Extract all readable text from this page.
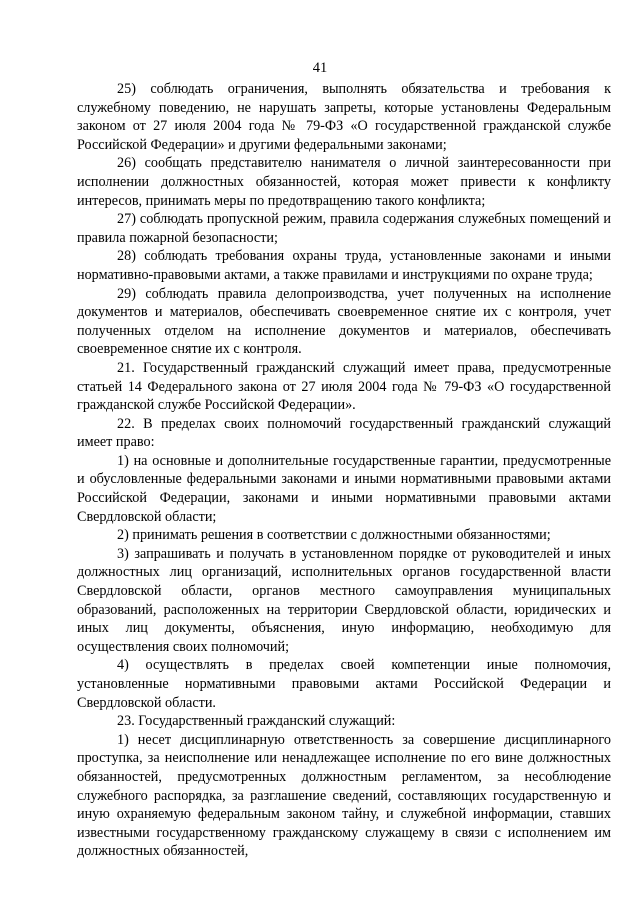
41

25) соблюдать ограничения, выполнять обязательства и требования к служебному поведению, не нарушать запреты, которые установлены Федеральным законом от 27 июля 2004 года № 79-ФЗ «О государственной гражданской службе Российской Федерации» и другими федеральными законами;

26) сообщать представителю нанимателя о личной заинтересованности при исполнении должностных обязанностей, которая может привести к конфликту интересов, принимать меры по предотвращению такого конфликта;

27) соблюдать пропускной режим, правила содержания служебных помещений и правила пожарной безопасности;

28) соблюдать требования охраны труда, установленные законами и иными нормативно-правовыми актами, а также правилами и инструкциями по охране труда;

29) соблюдать правила делопроизводства, учет полученных на исполнение документов и материалов, обеспечивать своевременное снятие их с контроля, учет полученных отделом на исполнение документов и материалов, обеспечивать своевременное снятие их с контроля.

21. Государственный гражданский служащий имеет права, предусмотренные статьей 14 Федерального закона от 27 июля 2004 года № 79-ФЗ «О государственной гражданской службе Российской Федерации».

22. В пределах своих полномочий государственный гражданский служащий имеет право:

1) на основные и дополнительные государственные гарантии, предусмотренные и обусловленные федеральными законами и иными нормативными правовыми актами Российской Федерации, законами и иными нормативными правовыми актами Свердловской области;

2) принимать решения в соответствии с должностными обязанностями;

3) запрашивать и получать в установленном порядке от руководителей и иных должностных лиц организаций, исполнительных органов государственной власти Свердловской области, органов местного самоуправления муниципальных образований, расположенных на территории Свердловской области, юридических и иных лиц документы, объяснения, иную информацию, необходимую для осуществления своих полномочий;

4) осуществлять в пределах своей компетенции иные полномочия, установленные нормативными правовыми актами Российской Федерации и Свердловской области.

23. Государственный гражданский служащий:

1) несет дисциплинарную ответственность за совершение дисциплинарного проступка, за неисполнение или ненадлежащее исполнение по его вине должностных обязанностей, предусмотренных должностным регламентом, за несоблюдение служебного распорядка, за разглашение сведений, составляющих государственную и иную охраняемую федеральным законом тайну, и служебной информации, ставших известными государственному гражданскому служащему в связи с исполнением им должностных обязанностей,
